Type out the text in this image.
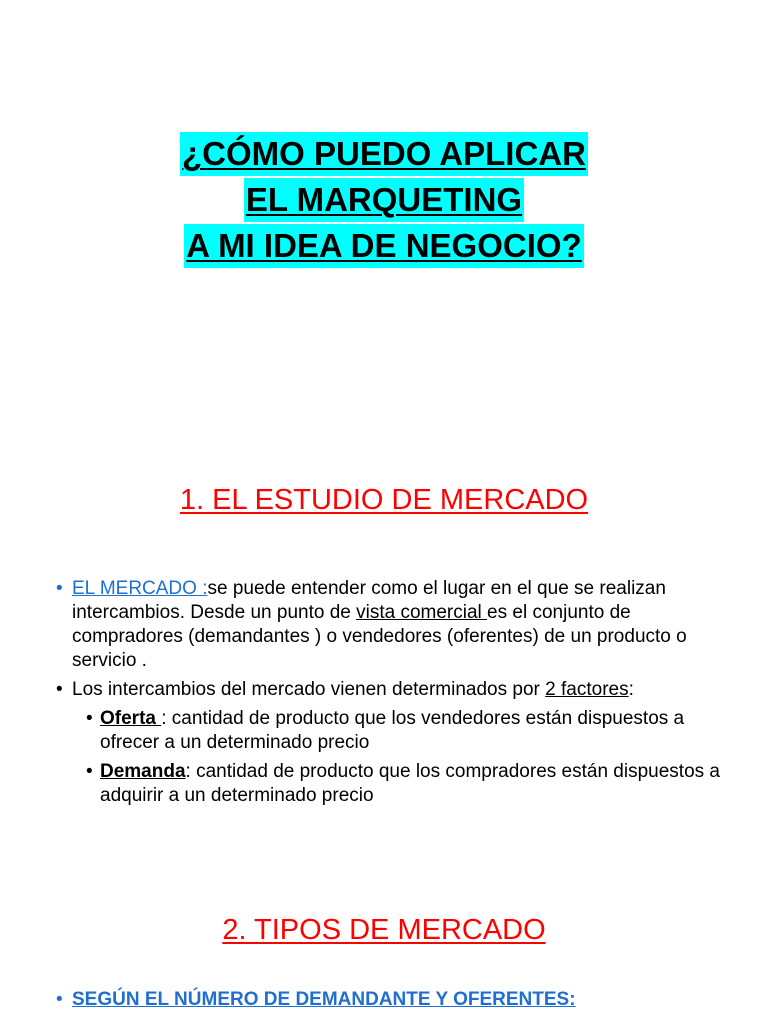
¿CÓMO PUEDO APLICAR
EL MARQUETING
A MI IDEA DE NEGOCIO?
1. EL ESTUDIO DE MERCADO
• EL MERCADO :se puede entender como el lugar en el que se realizan intercambios. Desde un punto de vista comercial es el conjunto de compradores (demandantes ) o vendedores (oferentes) de un producto o servicio .
• Los intercambios del mercado vienen determinados por 2 factores:
• Oferta : cantidad de producto que los vendedores están dispuestos a ofrecer a un determinado precio
• Demanda: cantidad de producto que los compradores están dispuestos a adquirir a un determinado precio
2. TIPOS DE MERCADO
• SEGÚN EL NÚMERO DE DEMANDANTE Y OFERENTES:
